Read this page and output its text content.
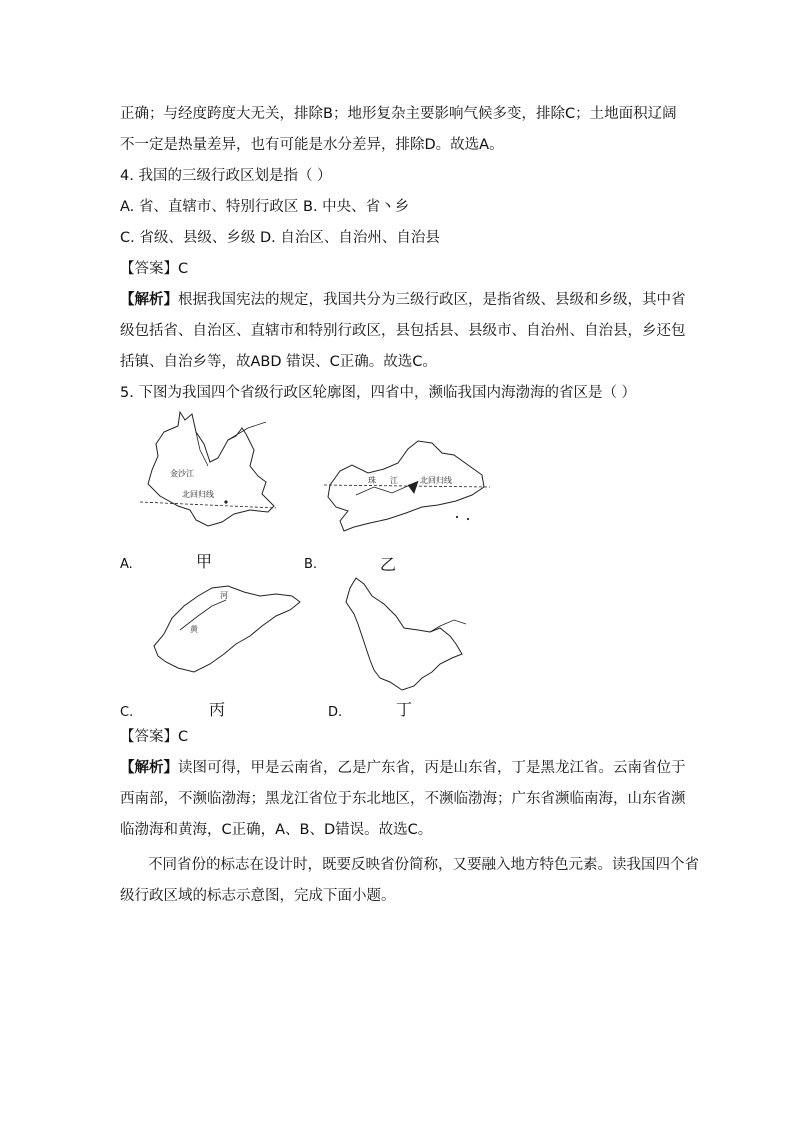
正确；与经度跨度大无关，排除B；地形复杂主要影响气候多变，排除C；土地面积辽阔
不一定是热量差异，也有可能是水分差异，排除D。故选A。
4. 我国的三级行政区划是指（ ）
A. 省、直辖市、特别行政区 B. 中央、省丶乡
C. 省级、县级、乡级 D. 自治区、自治州、自治县
【答案】C
【解析】根据我国宪法的规定，我国共分为三级行政区，是指省级、县级和乡级，其中省
级包括省、自治区、直辖市和特别行政区，县包括县、县级市、自治州、自治县，乡还包
括镇、自治乡等，故ABD 错误、C正确。故选C。
5. 下图为我国四个省级行政区轮廓图，四省中，濒临我国内海渤海的省区是（ ）
金沙江
北回归线
A.	甲
珠 江	北回归线
B.	乙
河
黄
C.	丙	D.	丁
【答案】C
【解析】读图可得，甲是云南省，乙是广东省，丙是山东省，丁是黑龙江省。云南省位于
西南部，不濒临渤海；黑龙江省位于东北地区，不濒临渤海；广东省濒临南海，山东省濒
临渤海和黄海，C正确，A、B、D错误。故选C。
不同省份的标志在设计时，既要反映省份简称，又要融入地方特色元素。读我国四个省
级行政区域的标志示意图，完成下面小题。
